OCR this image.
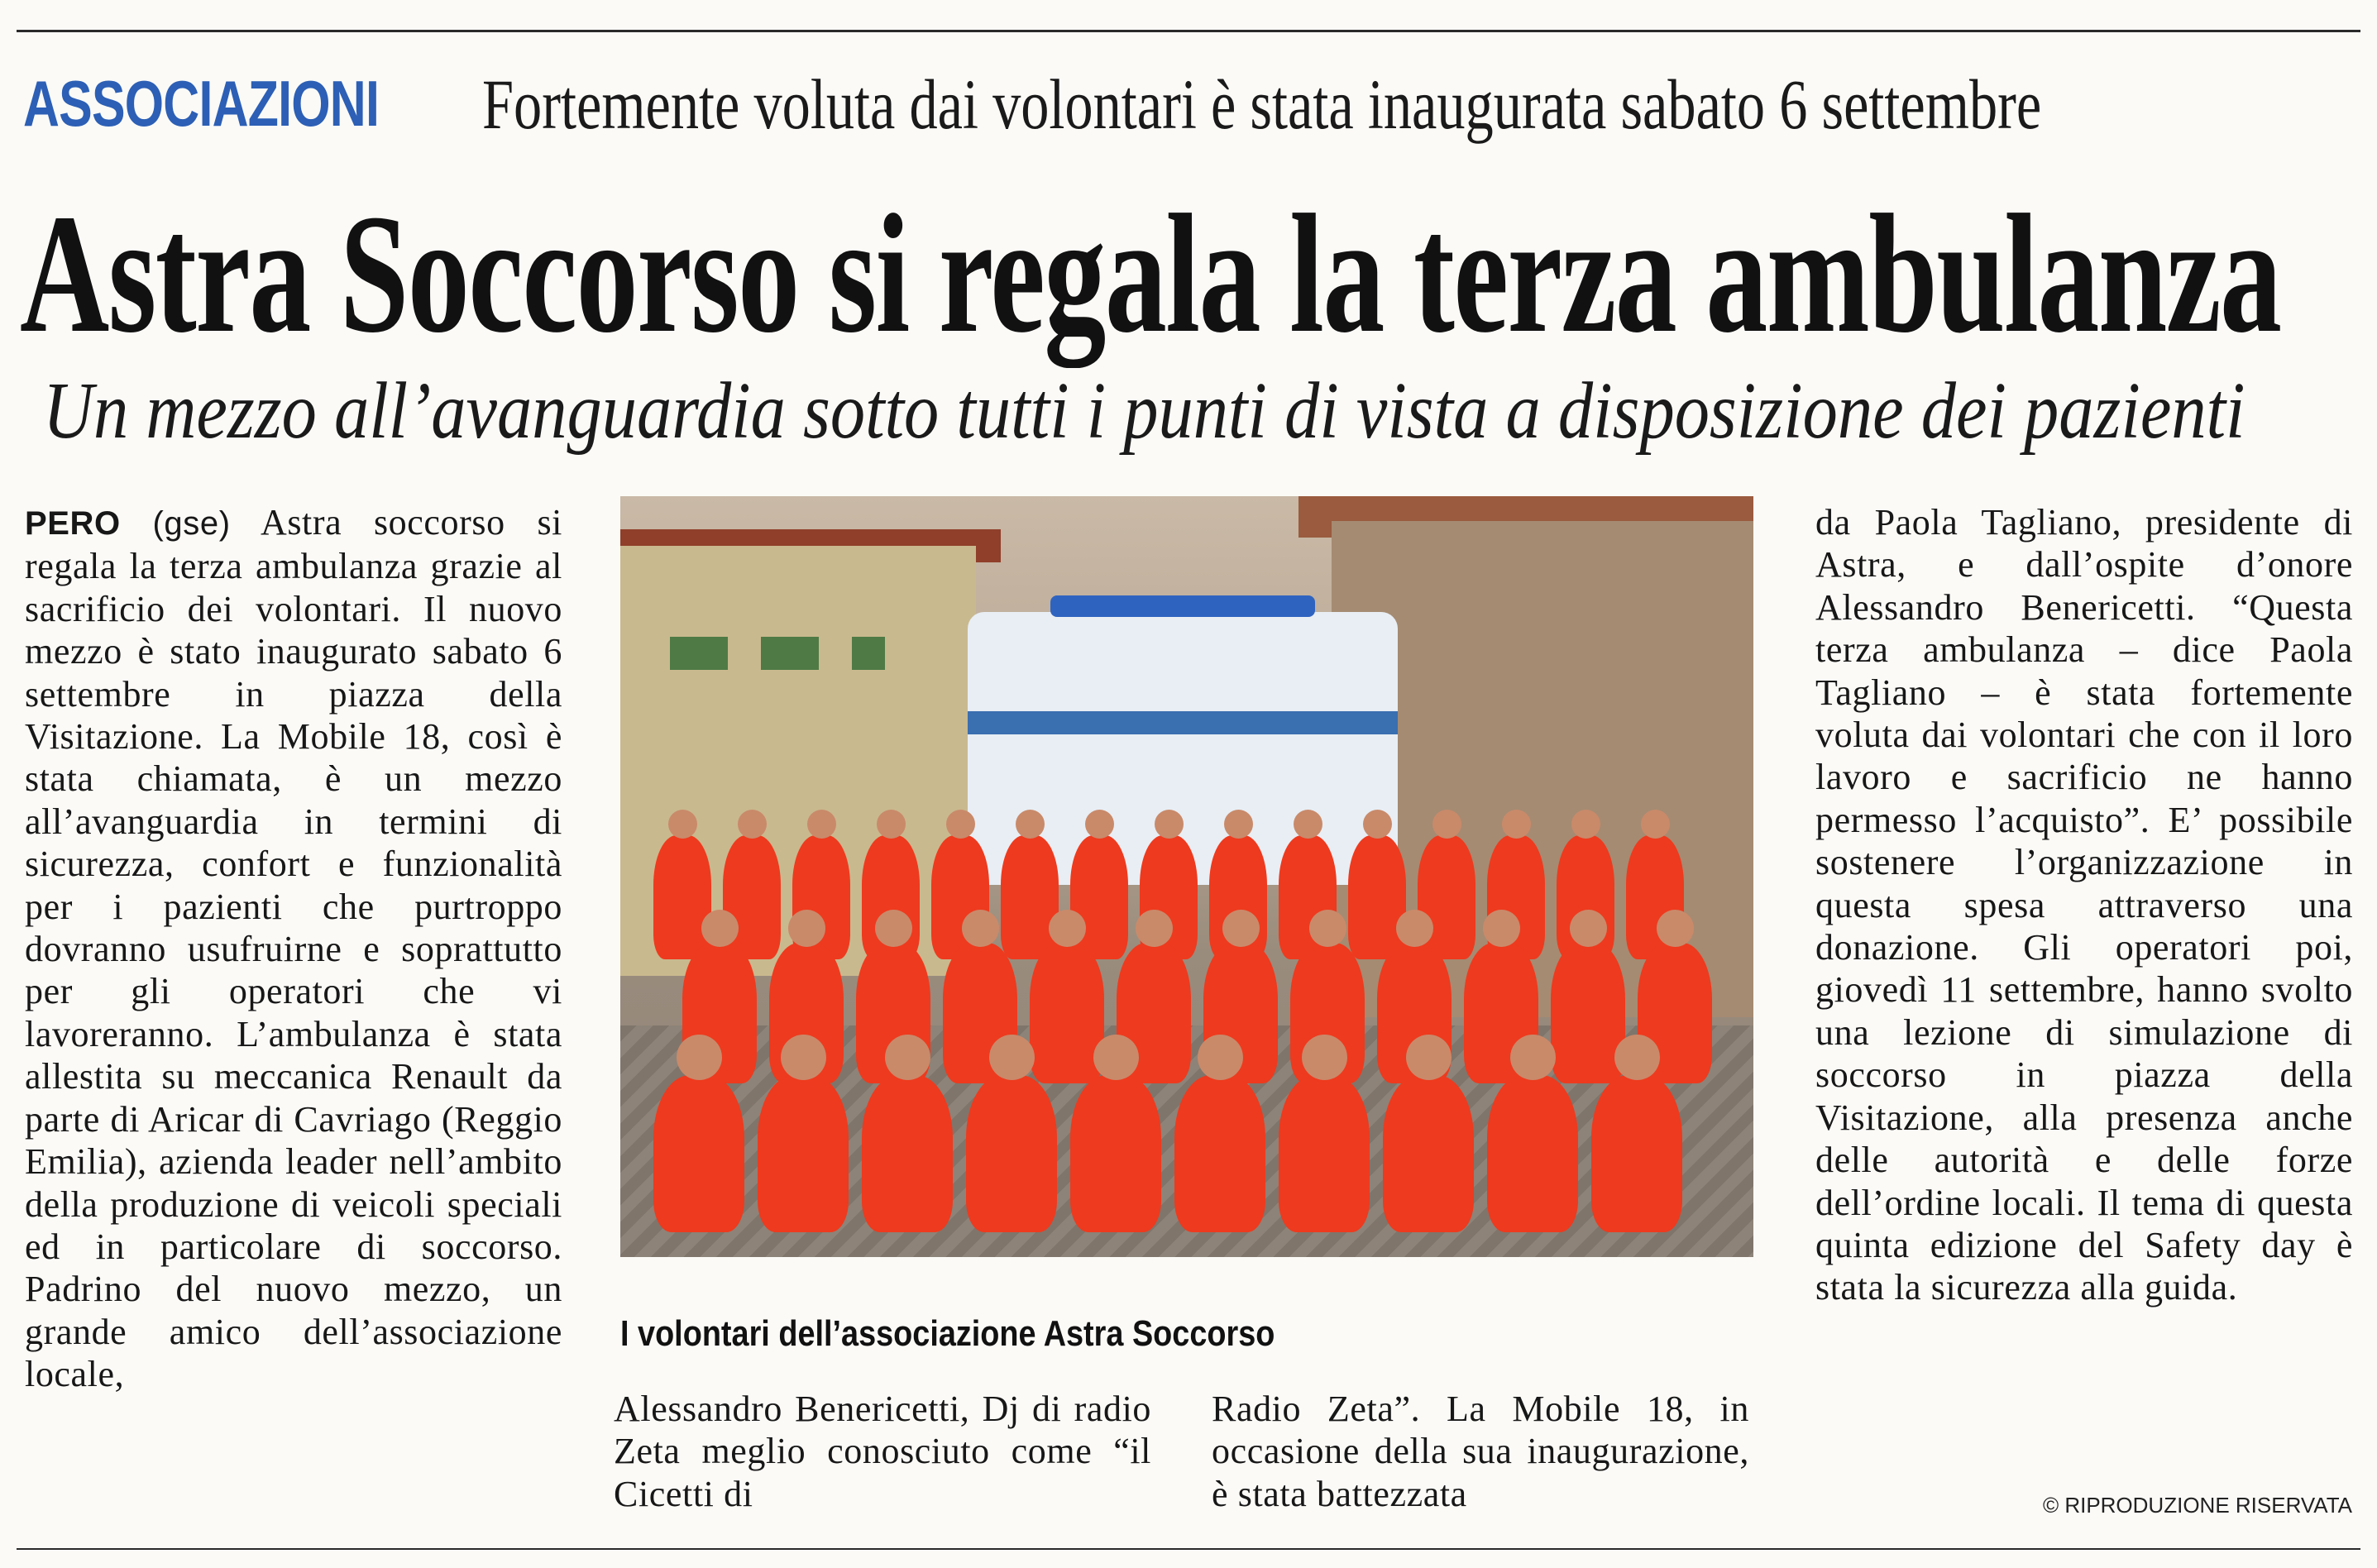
ASSOCIAZIONI Fortemente voluta dai volontari è stata inaugurata sabato 6 settembre
Astra Soccorso si regala la terza ambulanza
Un mezzo all’avanguardia sotto tutti i punti di vista a disposizione dei pazienti

PERO (gse) Astra soccorso si regala la terza ambulanza grazie al sacrificio dei volontari. Il nuovo mezzo è stato inaugurato sabato 6 settembre in piazza della Visitazione. La Mobile 18, così è stata chiamata, è un mezzo all’avanguardia in termini di sicurezza, confort e funzionalità per i pazienti che purtroppo dovranno usufruirne e soprattutto per gli operatori che vi lavoreranno. L’ambulanza è stata allestita su meccanica Renault da parte di Aricar di Cavriago (Reggio Emilia), azienda leader nell’ambito della produzione di veicoli speciali ed in particolare di soccorso. Padrino del nuovo mezzo, un grande amico dell’associazione locale,

I volontari dell’associazione Astra Soccorso

Alessandro Benericetti, Dj di radio Zeta meglio conosciuto come “il Cicetti di

Radio Zeta”. La Mobile 18, in occasione della sua inaugurazione, è stata battezzata

da Paola Tagliano, presidente di Astra, e dall’ospite d’onore Alessandro Benericetti. “Questa terza ambulanza – dice Paola Tagliano – è stata fortemente voluta dai volontari che con il loro lavoro e sacrificio ne hanno permesso l’acquisto”. E’ possibile sostenere l’organizzazione in questa spesa attraverso una donazione. Gli operatori poi, giovedì 11 settembre, hanno svolto una lezione di simulazione di soccorso in piazza della Visitazione, alla presenza anche delle autorità e delle forze dell’ordine locali. Il tema di questa quinta edizione del Safety day è stata la sicurezza alla guida.

© RIPRODUZIONE RISERVATA
